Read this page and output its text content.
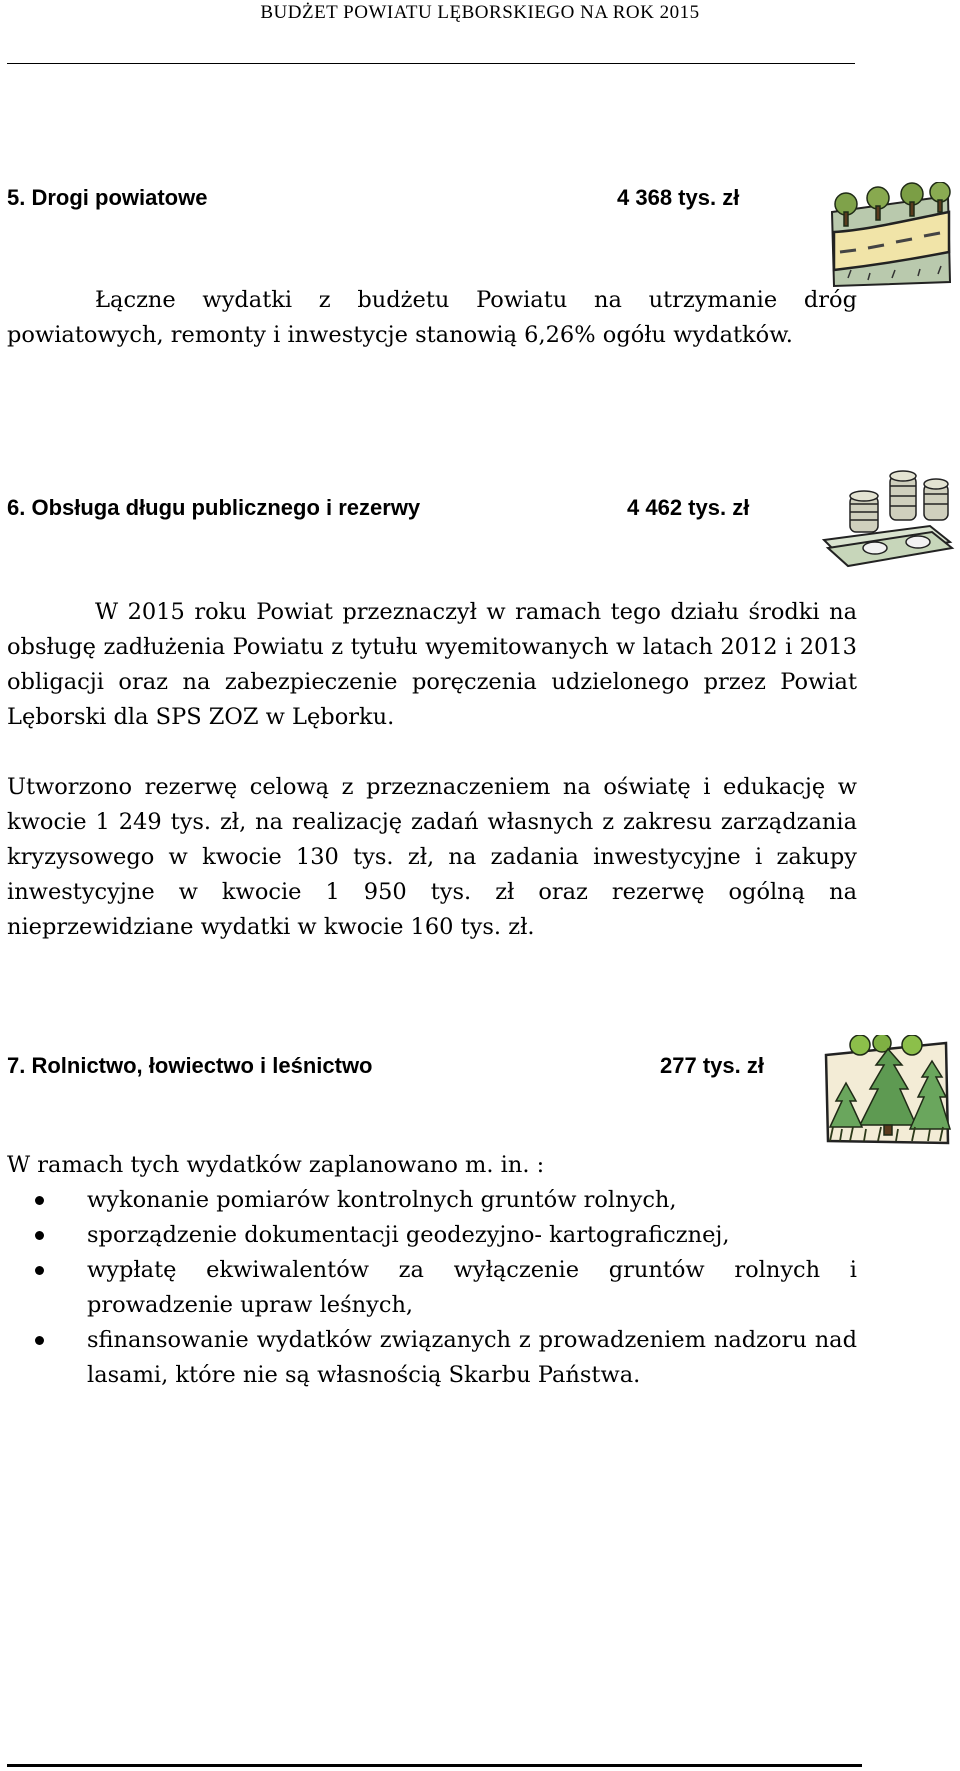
BUDŻET POWIATU LĘBORSKIEGO NA ROK 2015
5. Drogi powiatowe	4 368 tys. zł

Łączne wydatki z budżetu Powiatu na utrzymanie dróg powiatowych, remonty i inwestycje stanowią 6,26% ogółu wydatków.

6. Obsługa długu publicznego i rezerwy	4 462 tys. zł

W 2015 roku Powiat przeznaczył w ramach tego działu środki na obsługę zadłużenia Powiatu z tytułu wyemitowanych w latach 2012 i 2013 obligacji oraz na zabezpieczenie poręczenia udzielonego przez Powiat Lęborski dla SPS ZOZ w Lęborku.

Utworzono rezerwę celową z przeznaczeniem na oświatę i edukację w kwocie 1 249 tys. zł, na realizację zadań własnych z zakresu zarządzania kryzysowego w kwocie 130 tys. zł, na zadania inwestycyjne i zakupy inwestycyjne w kwocie 1 950 tys. zł oraz rezerwę ogólną na nieprzewidziane wydatki w kwocie 160 tys. zł.

7. Rolnictwo, łowiectwo i leśnictwo	277 tys. zł

W ramach tych wydatków zaplanowano m. in. :

wykonanie pomiarów kontrolnych gruntów rolnych,
sporządzenie dokumentacji geodezyjno- kartograficznej,
wypłatę ekwiwalentów za wyłączenie gruntów rolnych i prowadzenie upraw leśnych,
sfinansowanie wydatków związanych z prowadzeniem nadzoru nad lasami, które nie są własnością Skarbu Państwa.
